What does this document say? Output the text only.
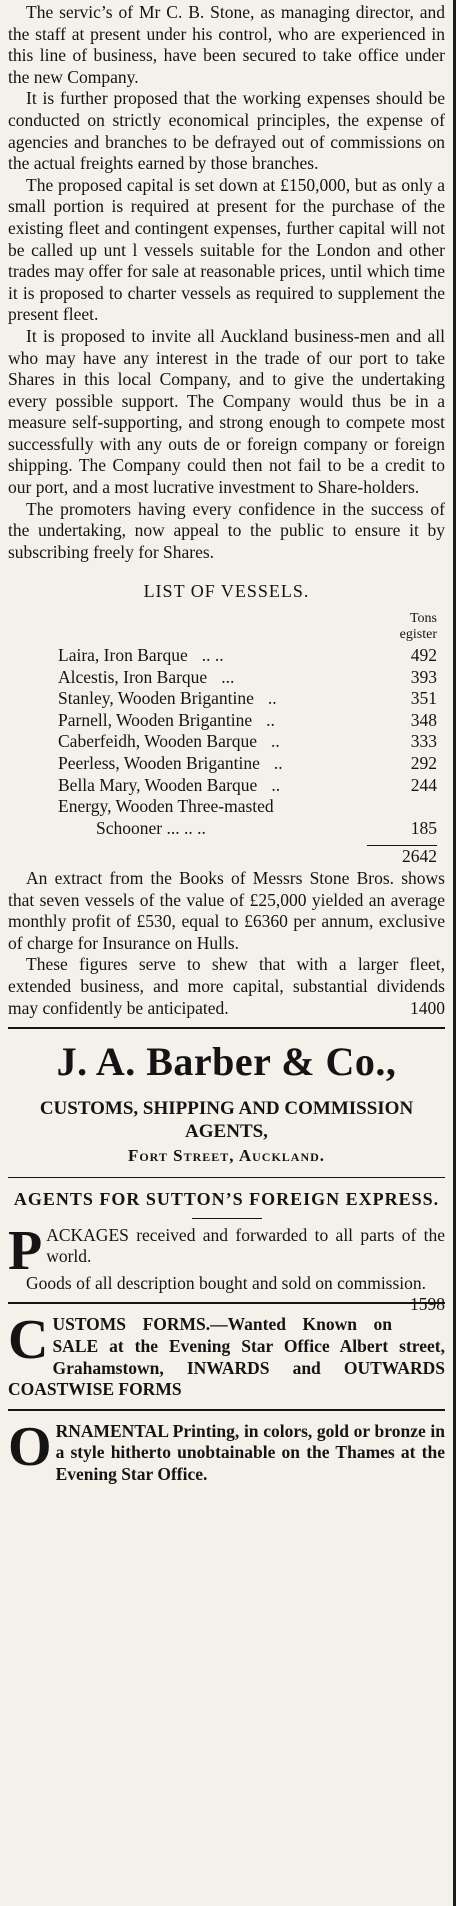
The servic’s of Mr C. B. Stone, as managing director, and the staff at present under his control, who are experienced in this line of business, have been secured to take office under the new Company.

It is further proposed that the working expenses should be conducted on strictly economical principles, the expense of agencies and branches to be defrayed out of commissions on the actual freights earned by those branches.

The proposed capital is set down at £150,000, but as only a small portion is required at present for the purchase of the existing fleet and contingent expenses, further capital will not be called up unt l vessels suitable for the London and other trades may offer for sale at reasonable prices, until which time it is proposed to charter vessels as required to supplement the present fleet.

It is proposed to invite all Auckland business-men and all who may have any interest in the trade of our port to take Shares in this local Company, and to give the undertaking every possible support. The Company would thus be in a measure self-supporting, and strong enough to compete most successfully with any outs de or foreign company or foreign shipping. The Company could then not fail to be a credit to our port, and a most lucrative investment to Share-holders.

The promoters having every confidence in the success of the undertaking, now appeal to the public to ensure it by subscribing freely for Shares.

LIST OF VESSELS.

Tons
egister
Laira, Iron Barque .. ..	492
Alcestis, Iron Barque ...	393
Stanley, Wooden Brigantine ..	351
Parnell, Wooden Brigantine ..	348
Caberfeidh, Wooden Barque ..	333
Peerless, Wooden Brigantine ..	292
Bella Mary, Wooden Barque ..	244
Energy, Wooden Three-masted
Schooner ... .. ..	185
2642

An extract from the Books of Messrs Stone Bros. shows that seven vessels of the value of £25,000 yielded an average monthly profit of £530, equal to £6360 per annum, exclusive of charge for Insurance on Hulls.

These figures serve to shew that with a larger fleet, extended business, and more capital, substantial dividends may confidently be anticipated.	1400

J. A. Barber & Co.,
CUSTOMS, SHIPPING AND COMMISSION AGENTS,
Fort Street, Auckland.
AGENTS FOR SUTTON’S FOREIGN EXPRESS.
P ACKAGES received and forwarded to all parts of the world.

Goods of all description bought and sold on commission.
1598

C USTOMS FORMS.—Wanted Known on SALE at the Evening Star Office Albert street, Grahamstown, INWARDS and OUTWARDS COASTWISE FORMS
O RNAMENTAL Printing, in colors, gold or bronze in a style hitherto unobtainable on the Thames at the Evening Star Office.
